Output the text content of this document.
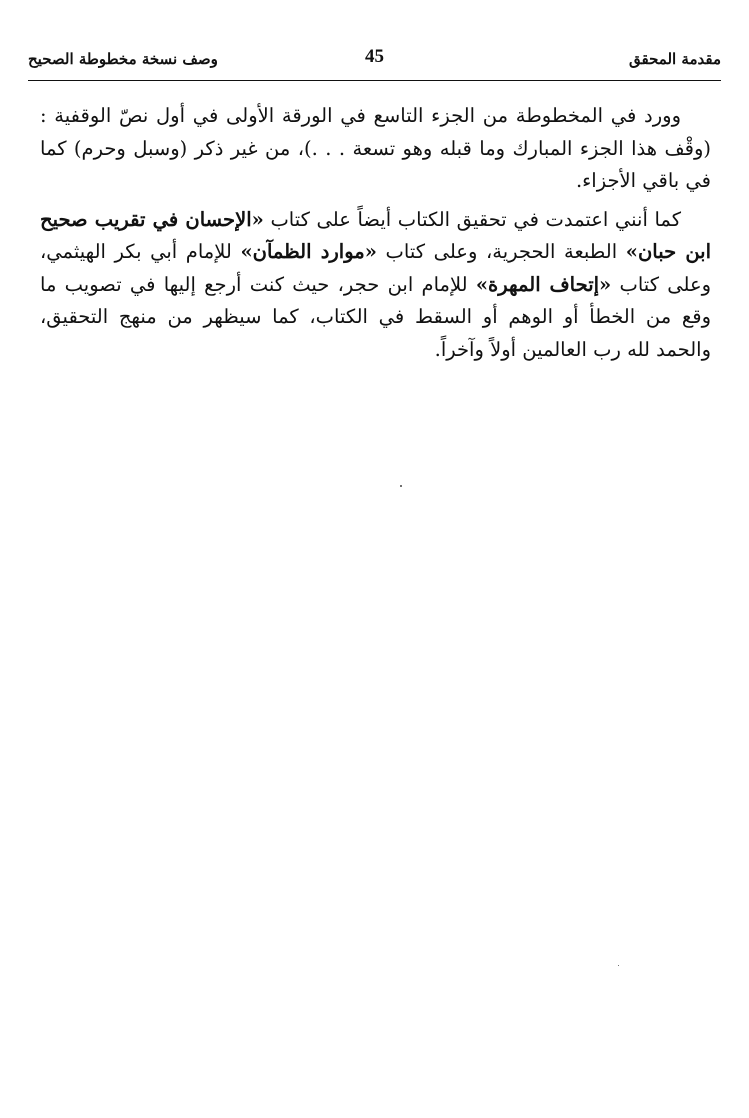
مقدمة المحقق
45
وصف نسخة مخطوطة الصحيح

وورد في المخطوطة من الجزء التاسع في الورقة الأولى في أول نصّ الوقفية : (وقْف هذا الجزء المبارك وما قبله وهو تسعة . . .)، من غير ذكر (وسبل وحرم) كما في باقي الأجزاء.

كما أنني اعتمدت في تحقيق الكتاب أيضاً على كتاب «الإحسان في تقريب صحيح ابن حبان» الطبعة الحجرية، وعلى كتاب «موارد الظمآن» للإمام أبي بكر الهيثمي، وعلى كتاب «إتحاف المهرة» للإمام ابن حجر، حيث كنت أرجع إليها في تصويب ما وقع من الخطأ أو الوهم أو السقط في الكتاب، كما سيظهر من منهج التحقيق، والحمد لله رب العالمين أولاً وآخراً.
